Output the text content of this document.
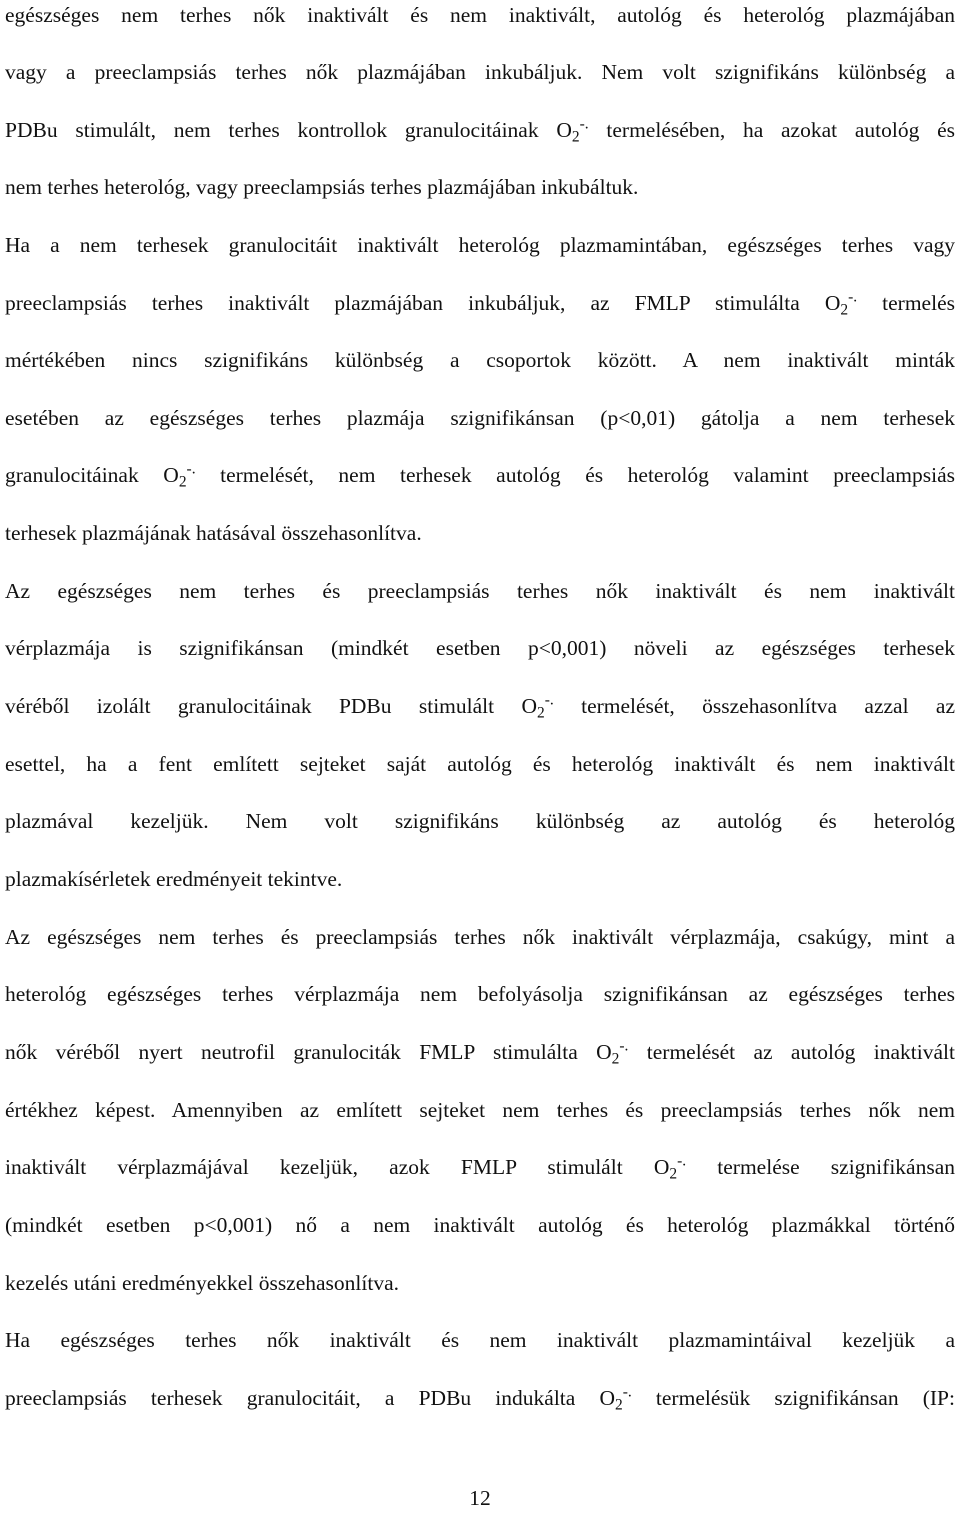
egészséges nem terhes nők inaktivált és nem inaktivált, autológ és heterológ plazmájában
vagy a preeclampsiás terhes nők plazmájában inkubáljuk. Nem volt szignifikáns különbség a
PDBu stimulált, nem terhes kontrollok granulocitáinak $O_2^{-.}$ termelésében, ha azokat autológ és
nem terhes heterológ, vagy preeclampsiás terhes plazmájában inkubáltuk.
Ha a nem terhesek granulocitáit inaktivált heterológ plazmamintában, egészséges terhes vagy
preeclampsiás terhes inaktivált plazmájában inkubáljuk, az FMLP stimulálta $O_2^{-.}$ termelés
mértékében nincs szignifikáns különbség a csoportok között. A nem inaktivált minták
esetében az egészséges terhes plazmája szignifikánsan (p<0,01) gátolja a nem terhesek
granulocitáinak $O_2^{-.}$ termelését, nem terhesek autológ és heterológ valamint preeclampsiás
terhesek plazmájának hatásával összehasonlítva.
Az egészséges nem terhes és preeclampsiás terhes nők inaktivált és nem inaktivált
vérplazmája is szignifikánsan (mindkét esetben p<0,001) növeli az egészséges terhesek
véréből izolált granulocitáinak PDBu stimulált $O_2^{-.}$ termelését, összehasonlítva azzal az
esettel, ha a fent említett sejteket saját autológ és heterológ inaktivált és nem inaktivált
plazmával kezeljük. Nem volt szignifikáns különbség az autológ és heterológ
plazmakísérletek eredményeit tekintve.
Az egészséges nem terhes és preeclampsiás terhes nők inaktivált vérplazmája, csakúgy, mint a
heterológ egészséges terhes vérplazmája nem befolyásolja szignifikánsan az egészséges terhes
nők véréből nyert neutrofil granulociták FMLP stimulálta $O_2^{-.}$ termelését az autológ inaktivált
értékhez képest. Amennyiben az említett sejteket nem terhes és preeclampsiás terhes nők nem
inaktivált vérplazmájával kezeljük, azok FMLP stimulált $O_2^{-.}$ termelése szignifikánsan
(mindkét esetben p<0,001) nő a nem inaktivált autológ és heterológ plazmákkal történő
kezelés utáni eredményekkel összehasonlítva.
Ha egészséges terhes nők inaktivált és nem inaktivált plazmamintáival kezeljük a
preeclampsiás terhesek granulocitáit, a PDBu indukálta $O_2^{-.}$ termelésük szignifikánsan (IP:
12
